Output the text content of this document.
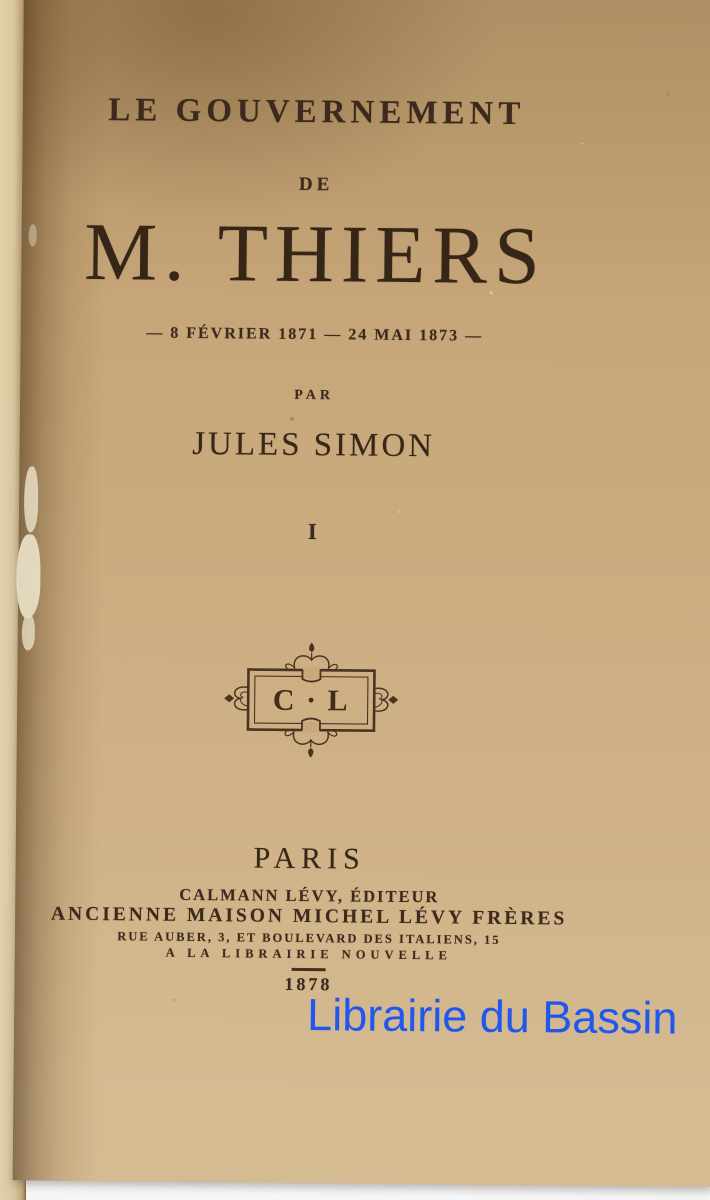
LE GOUVERNEMENT
DE
M. THIERS
— 8 FÉVRIER 1871 — 24 MAI 1873 —
PAR
JULES SIMON
I
C · L
PARIS
CALMANN LÉVY, ÉDITEUR
ANCIENNE MAISON MICHEL LÉVY FRÈRES
RUE AUBER, 3, ET BOULEVARD DES ITALIENS, 15
A LA LIBRAIRIE NOUVELLE
1878
Librairie du Bassin
